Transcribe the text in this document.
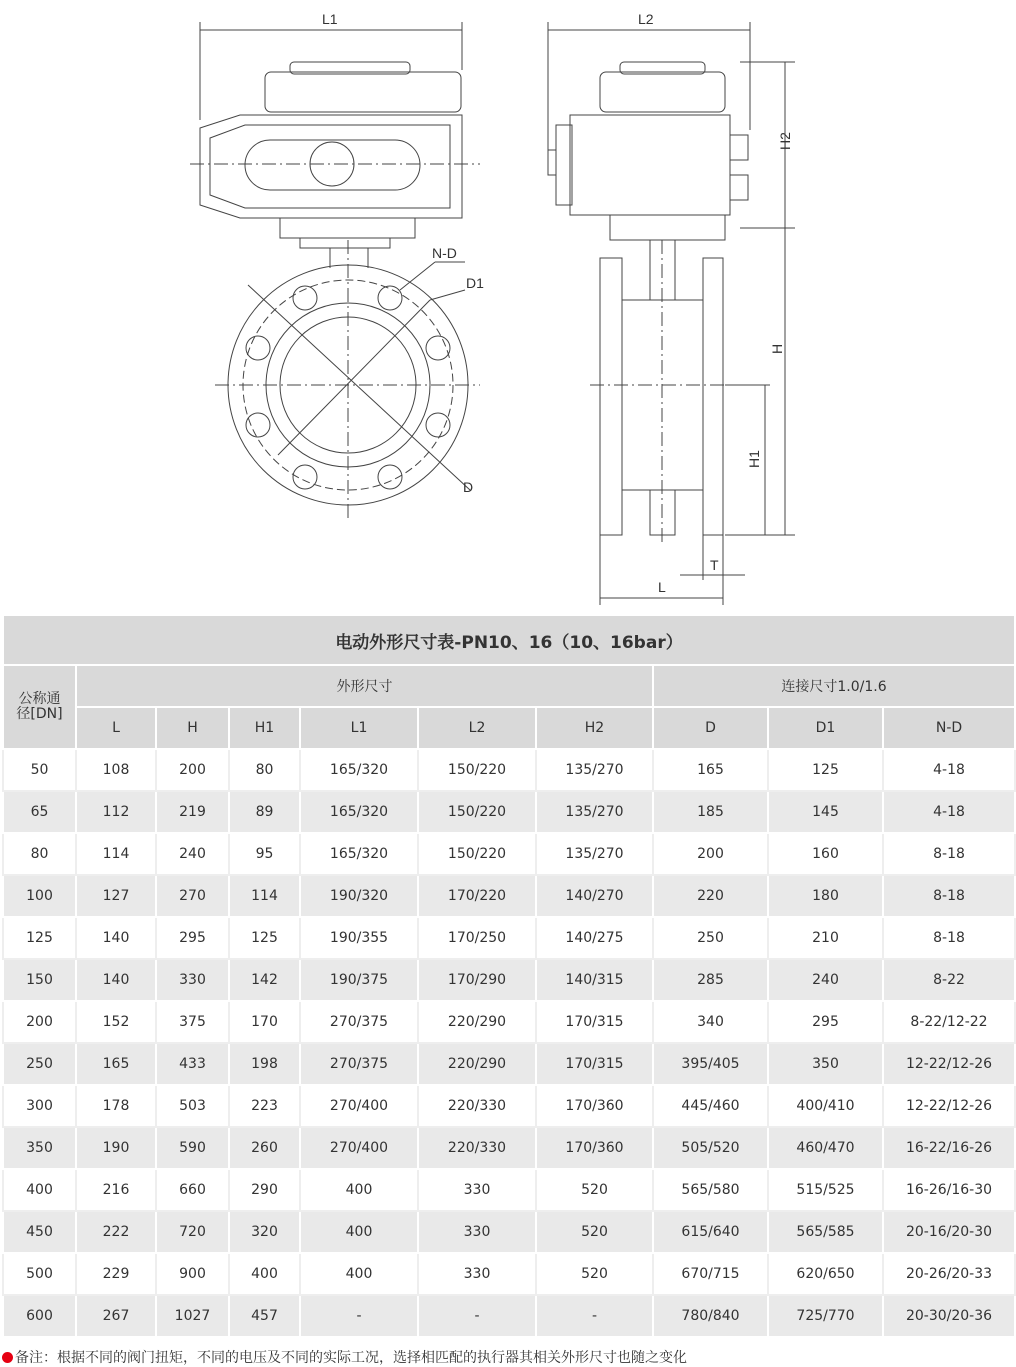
L1
N-D
D1
D
L2
H2
H
H1
L
T
电动外形尺寸表-PN10、16（10、16bar）									
公称通径[DN]	外形尺寸						连接尺寸1.0/1.6		
	L	H	H1	L1	L2	H2	D	D1	N-D
50	108	200	80	165/320	150/220	135/270	165	125	4-18
65	112	219	89	165/320	150/220	135/270	185	145	4-18
80	114	240	95	165/320	150/220	135/270	200	160	8-18
100	127	270	114	190/320	170/220	140/270	220	180	8-18
125	140	295	125	190/355	170/250	140/275	250	210	8-18
150	140	330	142	190/375	170/290	140/315	285	240	8-22
200	152	375	170	270/375	220/290	170/315	340	295	8-22/12-22
250	165	433	198	270/375	220/290	170/315	395/405	350	12-22/12-26
300	178	503	223	270/400	220/330	170/360	445/460	400/410	12-22/12-26
350	190	590	260	270/400	220/330	170/360	505/520	460/470	16-22/16-26
400	216	660	290	400	330	520	565/580	515/525	16-26/16-30
450	222	720	320	400	330	520	615/640	565/585	20-16/20-30
500	229	900	400	400	330	520	670/715	620/650	20-26/20-33
600	267	1027	457	-	-	-	780/840	725/770	20-30/20-36
备注：根据不同的阀门扭矩，不同的电压及不同的实际工况，选择相匹配的执行器其相关外形尺寸也随之变化
